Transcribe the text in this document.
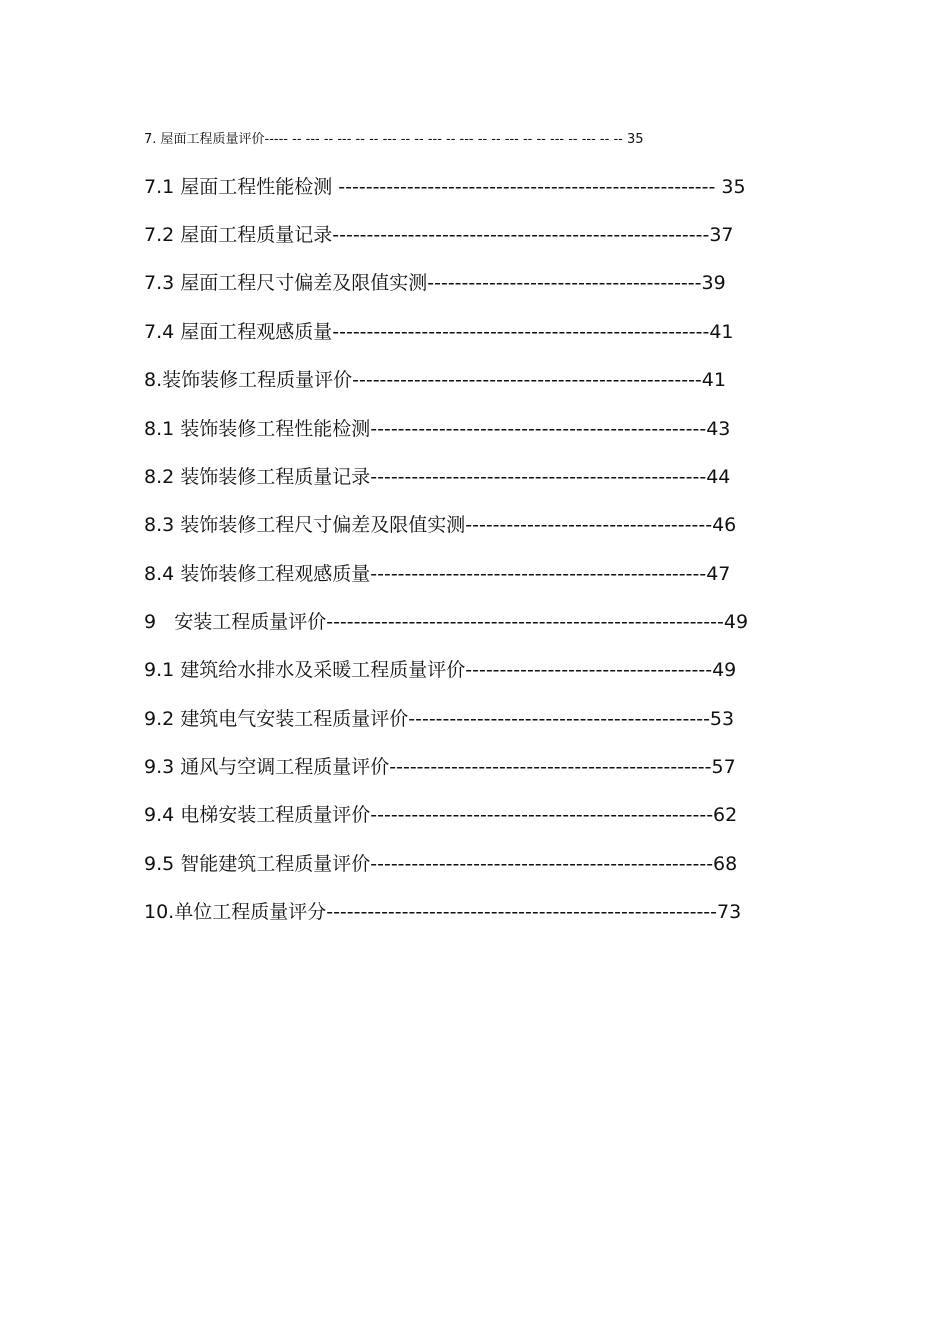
7. 屋面工程质量评价----- -- --- -- --- -- -- --- -- -- --- -- --- -- -- --- -- -- --- -- --- -- -- 35
7.1 屋面工程性能检测 ------------------------------------------------------- 35
7.2 屋面工程质量记录-------------------------------------------------------37
7.3 屋面工程尺寸偏差及限值实测----------------------------------------39
7.4 屋面工程观感质量-------------------------------------------------------41
8.装饰装修工程质量评价---------------------------------------------------41
8.1 装饰装修工程性能检测-------------------------------------------------43
8.2 装饰装修工程质量记录-------------------------------------------------44
8.3 装饰装修工程尺寸偏差及限值实测------------------------------------46
8.4 装饰装修工程观感质量-------------------------------------------------47
9   安装工程质量评价----------------------------------------------------------49
9.1 建筑给水排水及采暖工程质量评价------------------------------------49
9.2 建筑电气安装工程质量评价--------------------------------------------53
9.3 通风与空调工程质量评价-----------------------------------------------57
9.4 电梯安装工程质量评价--------------------------------------------------62
9.5 智能建筑工程质量评价--------------------------------------------------68
10.单位工程质量评分---------------------------------------------------------73
